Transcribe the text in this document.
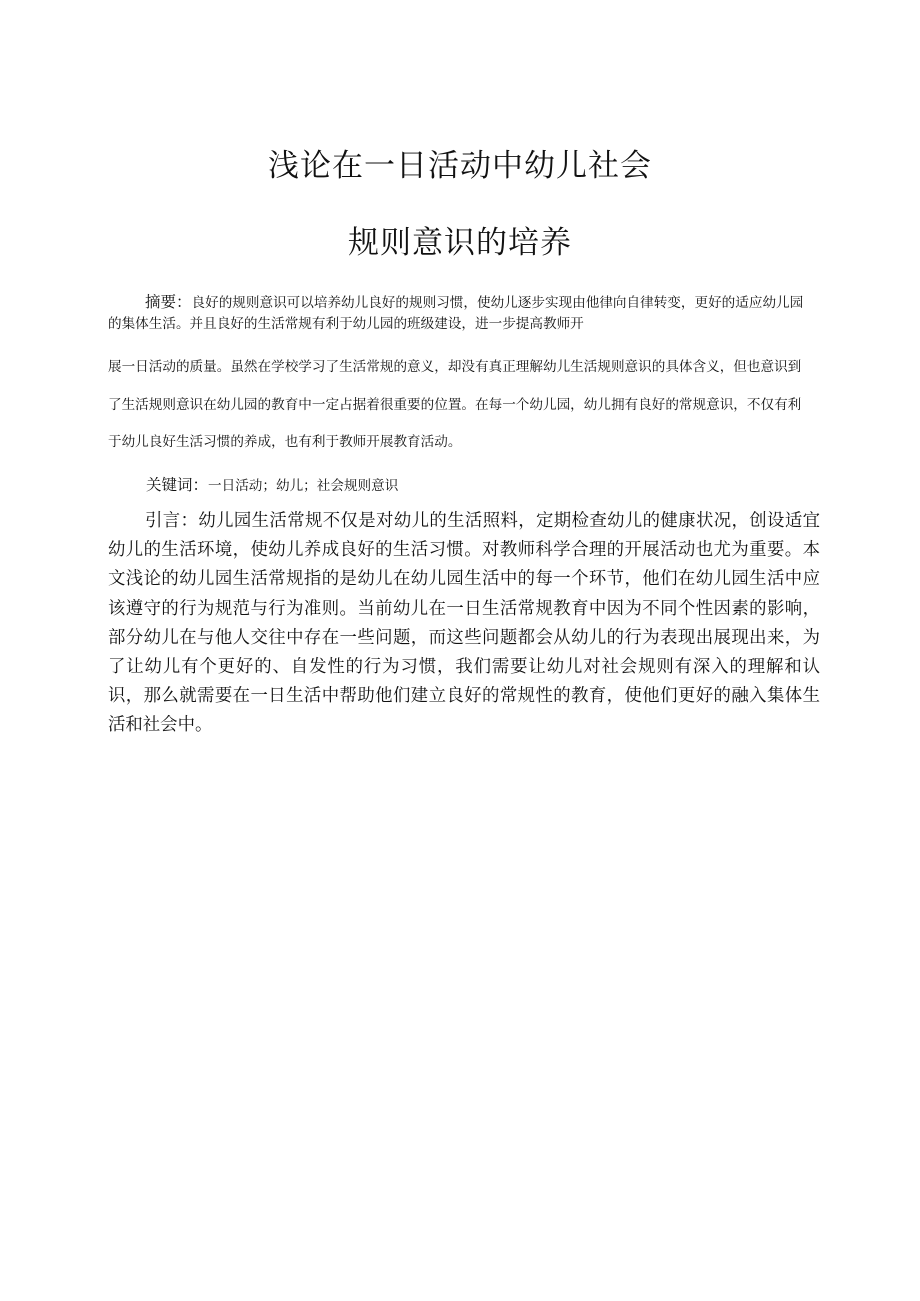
浅论在一日活动中幼儿社会
规则意识的培养

摘要：良好的规则意识可以培养幼儿良好的规则习惯，使幼儿逐步实现由他律向自律转变，更好的适应幼儿园的集体生活。并且良好的生活常规有利于幼儿园的班级建设，进一步提高教师开

展一日活动的质量。虽然在学校学习了生活常规的意义，却没有真正理解幼儿生活规则意识的具体含义，但也意识到了生活规则意识在幼儿园的教育中一定占据着很重要的位置。在每一个幼儿园，幼儿拥有良好的常规意识，不仅有利于幼儿良好生活习惯的养成，也有利于教师开展教育活动。

关键词：一日活动；幼儿；社会规则意识

引言：幼儿园生活常规不仅是对幼儿的生活照料，定期检查幼儿的健康状况，创设适宜幼儿的生活环境，使幼儿养成良好的生活习惯。对教师科学合理的开展活动也尤为重要。本文浅论的幼儿园生活常规指的是幼儿在幼儿园生活中的每一个环节，他们在幼儿园生活中应该遵守的行为规范与行为准则。当前幼儿在一日生活常规教育中因为不同个性因素的影响，部分幼儿在与他人交往中存在一些问题，而这些问题都会从幼儿的行为表现出展现出来，为了让幼儿有个更好的、自发性的行为习惯，我们需要让幼儿对社会规则有深入的理解和认识，那么就需要在一日生活中帮助他们建立良好的常规性的教育，使他们更好的融入集体生活和社会中。
